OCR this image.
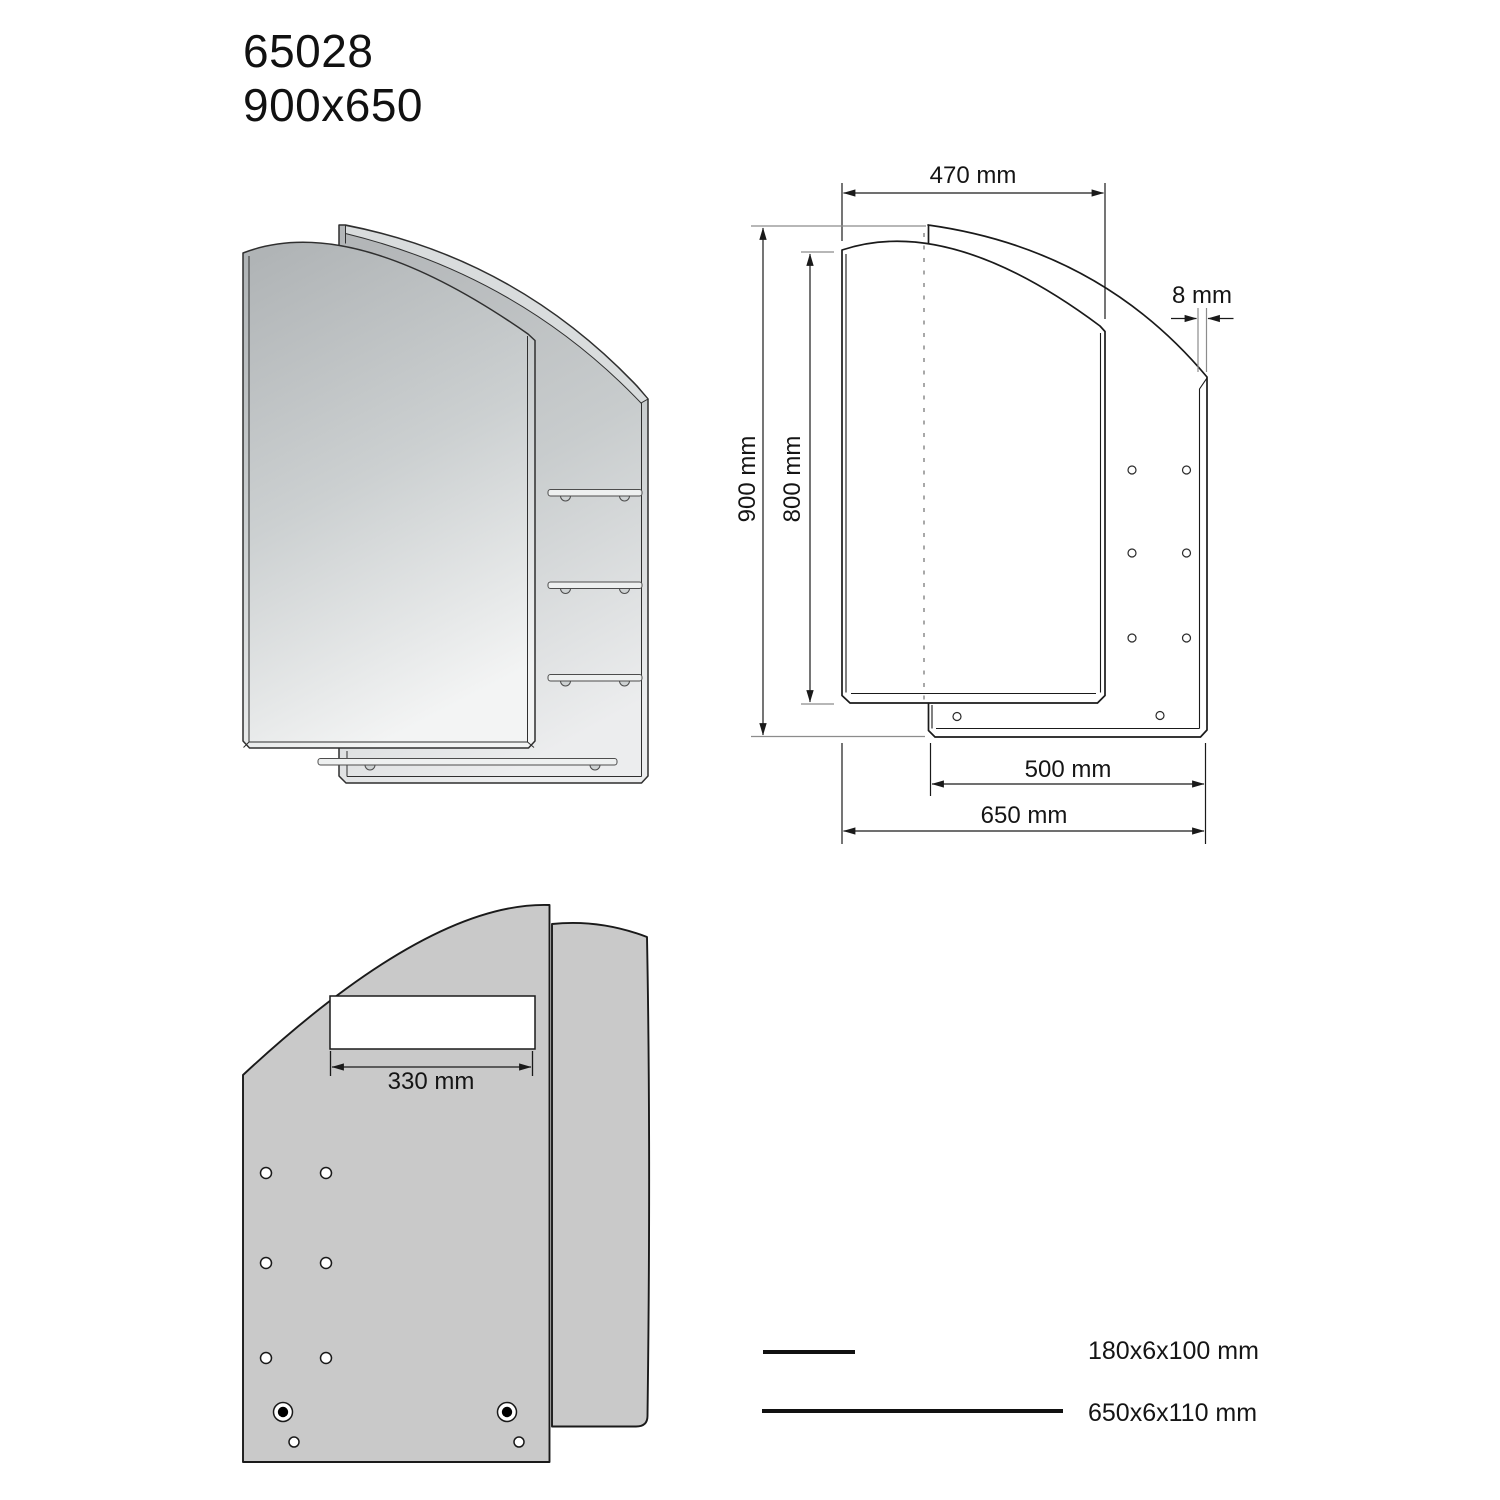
65028
900x650
470 mm
8 mm
900 mm 800 mm
500 mm
650 mm
330 mm
180x6x100 mm
650x6x110 mm
